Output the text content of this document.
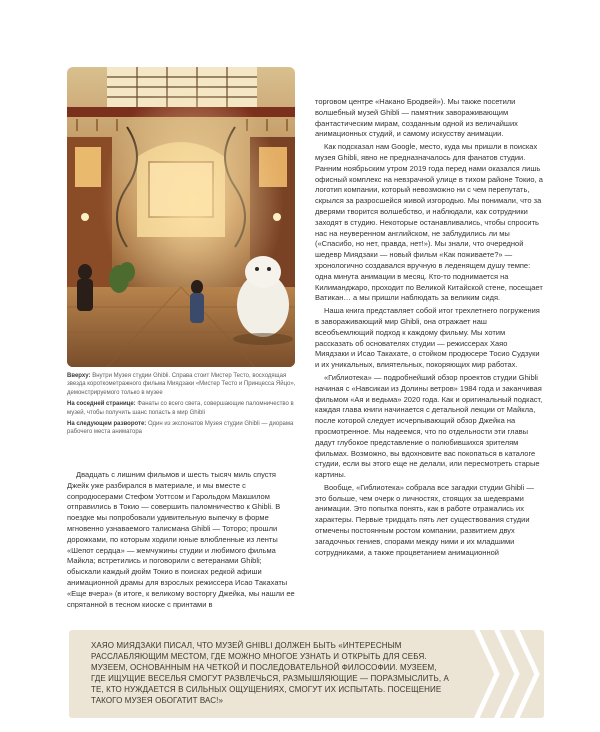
Вверху: Внутри Музея студии Ghibli. Справа стоит Мистер Тесто, восходящая звезда короткометражного фильма Миядзаки «Мистер Тесто и Принцесса Яйцо», демонстрируемого только в музее

На соседней странице: Фанаты со всего света, совершающие паломничество в музей, чтобы получить шанс попасть в мир Ghibli

На следующем развороте: Один из экспонатов Музея студии Ghibli — диорама рабочего места аниматора

Двадцать с лишним фильмов и шесть тысяч миль спустя Джейк уже разбирался в материале, и мы вместе с сопродюсерами Стефом Уоттсом и Гарольдом Макшилом отправились в Токио — совершить паломничество к Ghibli. В поездке мы попробовали удивительную выпечку в форме мгновенно узнаваемого талисмана Ghibli — Тоторо; прошли дорожками, по которым ходили юные влюбленные из ленты «Шепот сердца» — жемчужины студии и любимого фильма Майкла; встретились и поговорили с ветеранами Ghibli; обыскали каждый дюйм Токио в поисках редкой афиши анимационной драмы для взрослых режиссера Исао Такахаты «Еще вчера» (в итоге, к великому восторгу Джейка, мы нашли ее спрятанной в тесном киоске с принтами в

торговом центре «Накано Бродвей»). Мы также посетили волшебный музей Ghibli — памятник завораживающим фантастическим мирам, созданным одной из величайших анимационных студий, и самому искусству анимации.

Как подсказал нам Google, место, куда мы пришли в поисках музея Ghibli, явно не предназначалось для фанатов студии. Ранним ноябрьским утром 2019 года перед нами оказался лишь офисный комплекс на невзрачной улице в тихом районе Токио, а логотип компании, который невозможно ни с чем перепутать, скрылся за разросшейся живой изгородью. Мы понимали, что за дверями творится волшебство, и наблюдали, как сотрудники заходят в студию. Некоторые останавливались, чтобы спросить нас на неуверенном английском, не заблудились ли мы («Спасибо, но нет, правда, нет!»). Мы знали, что очередной шедевр Миядзаки — новый фильм «Как поживаете?» — хронологично создавался вручную в леденящем душу темпе: одна минута анимации в месяц. Кто-то поднимается на Килиманджаро, проходит по Великой Китайской стене, посещает Ватикан… а мы пришли наблюдать за великим сидя.

Наша книга представляет собой итог трехлетнего погружения в завораживающий мир Ghibli, она отражает наш всеобъемлющий подход к каждому фильму. Мы хотим рассказать об основателях студии — режиссерах Хаяо Миядзаки и Исао Такахате, о стойком продюсере Тосио Судзуки и их уникальных, влиятельных, покоряющих мир работах.

«Гиблиотека» — подробнейший обзор проектов студии Ghibli начиная с «Навсикаи из Долины ветров» 1984 года и заканчивая фильмом «Ая и ведьма» 2020 года. Как и оригинальный подкаст, каждая глава книги начинается с детальной лекции от Майкла, после которой следует исчерпывающий обзор Джейка на просмотренное. Мы надеемся, что по отдельности эти главы дадут глубокое представление о полюбившихся зрителям фильмах. Возможно, вы вдохновите вас покопаться в каталоге студии, если вы этого еще не делали, или пересмотреть старые картины.

Вообще, «Гиблиотека» собрала все загадки студии Ghibli — это больше, чем очерк о личностях, стоящих за шедеврами анимации. Это попытка понять, как в работе отражались их характеры. Первые тридцать пять лет существования студии отмечены постоянным ростом компании, развитием двух загадочных гениев, спорами между ними и их младшими сотрудниками, а также процветанием анимационной

ХАЯО МИЯДЗАКИ ПИСАЛ, ЧТО МУЗЕЙ GHIBLI ДОЛЖЕН БЫТЬ «ИНТЕРЕСНЫМ РАССЛАБЛЯЮЩИМ МЕСТОМ, ГДЕ МОЖНО МНОГОЕ УЗНАТЬ И ОТКРЫТЬ ДЛЯ СЕБЯ. МУЗЕЕМ, ОСНОВАННЫМ НА ЧЕТКОЙ И ПОСЛЕДОВАТЕЛЬНОЙ ФИЛОСОФИИ. МУЗЕЕМ, ГДЕ ИЩУЩИЕ ВЕСЕЛЬЯ СМОГУТ РАЗВЛЕЧЬСЯ, РАЗМЫШЛЯЮЩИЕ — ПОРАЗМЫСЛИТЬ, А ТЕ, КТО НУЖДАЕТСЯ В СИЛЬНЫХ ОЩУЩЕНИЯХ, СМОГУТ ИХ ИСПЫТАТЬ. ПОСЕЩЕНИЕ ТАКОГО МУЗЕЯ ОБОГАТИТ ВАС!»
